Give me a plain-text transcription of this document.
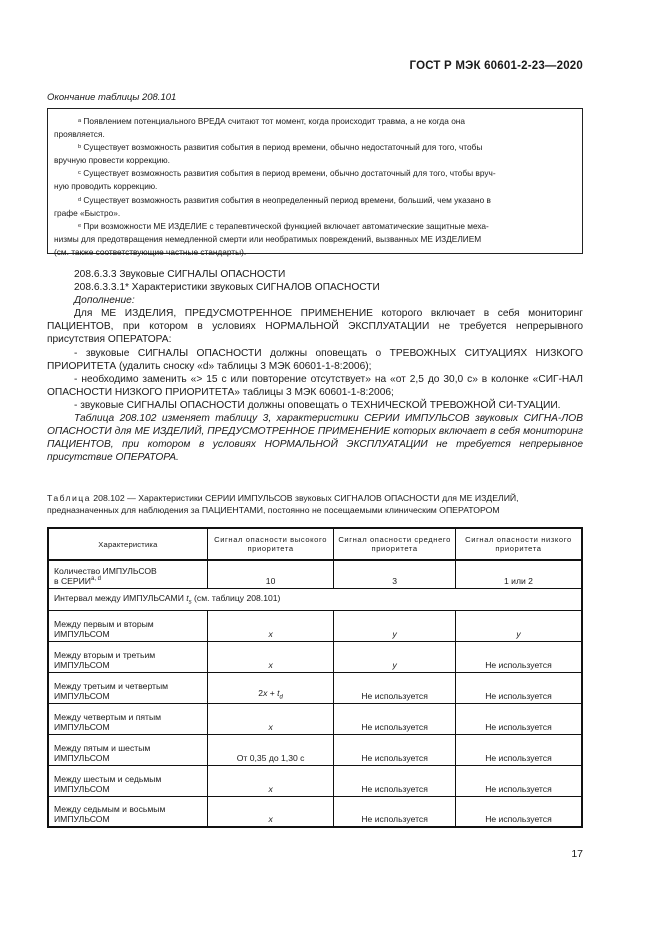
ГОСТ Р МЭК 60601-2-23—2020
Окончание таблицы 208.101

ᵃ Появлением потенциального ВРЕДА считают тот момент, когда происходит травма, а не когда она

проявляется.

ᵇ Существует возможность развития события в период времени, обычно недостаточный для того, чтобы

вручную провести коррекцию.

ᶜ Существует возможность развития события в период времени, обычно достаточный для того, чтобы вруч-

ную проводить коррекцию.

ᵈ Существует возможность развития события в неопределенный период времени, больший, чем указано в

графе «Быстро».

ᵉ При возможности МЕ ИЗДЕЛИЕ с терапевтической функцией включает автоматические защитные меха-

низмы для предотвращения немедленной смерти или необратимых повреждений, вызванных МЕ ИЗДЕЛИЕМ

(см. также соответствующие частные стандарты).

208.6.3.3 Звуковые СИГНАЛЫ ОПАСНОСТИ

208.6.3.3.1* Характеристики звуковых СИГНАЛОВ ОПАСНОСТИ

Дополнение:

Для МЕ ИЗДЕЛИЯ, ПРЕДУСМОТРЕННОЕ ПРИМЕНЕНИЕ которого включает в себя мониторинг ПАЦИЕНТОВ, при котором в условиях НОРМАЛЬНОЙ ЭКСПЛУАТАЦИИ не требуется непрерывного присутствия ОПЕРАТОРА:

- звуковые СИГНАЛЫ ОПАСНОСТИ должны оповещать о ТРЕВОЖНЫХ СИТУАЦИЯХ НИЗКОГО ПРИОРИТЕТА (удалить сноску «d» таблицы 3 МЭК 60601-1-8:2006);

- необходимо заменить «> 15 с или повторение отсутствует» на «от 2,5 до 30,0 с» в колонке «СИГ-НАЛ ОПАСНОСТИ НИЗКОГО ПРИОРИТЕТА» таблицы 3 МЭК 60601-1-8:2006;

- звуковые СИГНАЛЫ ОПАСНОСТИ должны оповещать о ТЕХНИЧЕСКОЙ ТРЕВОЖНОЙ СИ-ТУАЦИИ.

Таблица 208.102 изменяет таблицу 3, характеристики СЕРИИ ИМПУЛЬСОВ звуковых СИГНА-ЛОВ ОПАСНОСТИ для МЕ ИЗДЕЛИЙ, ПРЕДУСМОТРЕННОЕ ПРИМЕНЕНИЕ которых включает в себя мониторинг ПАЦИЕНТОВ, при котором в условиях НОРМАЛЬНОЙ ЭКСПЛУАТАЦИИ не требуется непрерывное присутствие ОПЕРАТОРА.

Таблица 208.102 — Характеристики СЕРИИ ИМПУЛЬСОВ звуковых СИГНАЛОВ ОПАСНОСТИ для МЕ ИЗДЕЛИЙ,
предназначенных для наблюдения за ПАЦИЕНТАМИ, постоянно не посещаемыми клиническим ОПЕРАТОРОМ
Характеристика	Сигнал опасности высокого приоритета	Сигнал опасности среднего приоритета	Сигнал опасности низкого приоритета
Количество ИМПУЛЬСОВ
в СЕРИИ$^{a, d}$	10	3	1 или 2
Интервал между ИМПУЛЬСАМИ $t_s$ (см. таблицу 208.101)			
Между первым и вторым
ИМПУЛЬСОМ	x	y	y
Между вторым и третьим
ИМПУЛЬСОМ	x	y	Не используется
Между третьим и четвертым
ИМПУЛЬСОМ	$2x + t_d$	Не используется	Не используется
Между четвертым и пятым
ИМПУЛЬСОМ	x	Не используется	Не используется
Между пятым и шестым
ИМПУЛЬСОМ	От 0,35 до 1,30 с	Не используется	Не используется
Между шестым и седьмым
ИМПУЛЬСОМ	x	Не используется	Не используется
Между седьмым и восьмым
ИМПУЛЬСОМ	x	Не используется	Не используется
17
